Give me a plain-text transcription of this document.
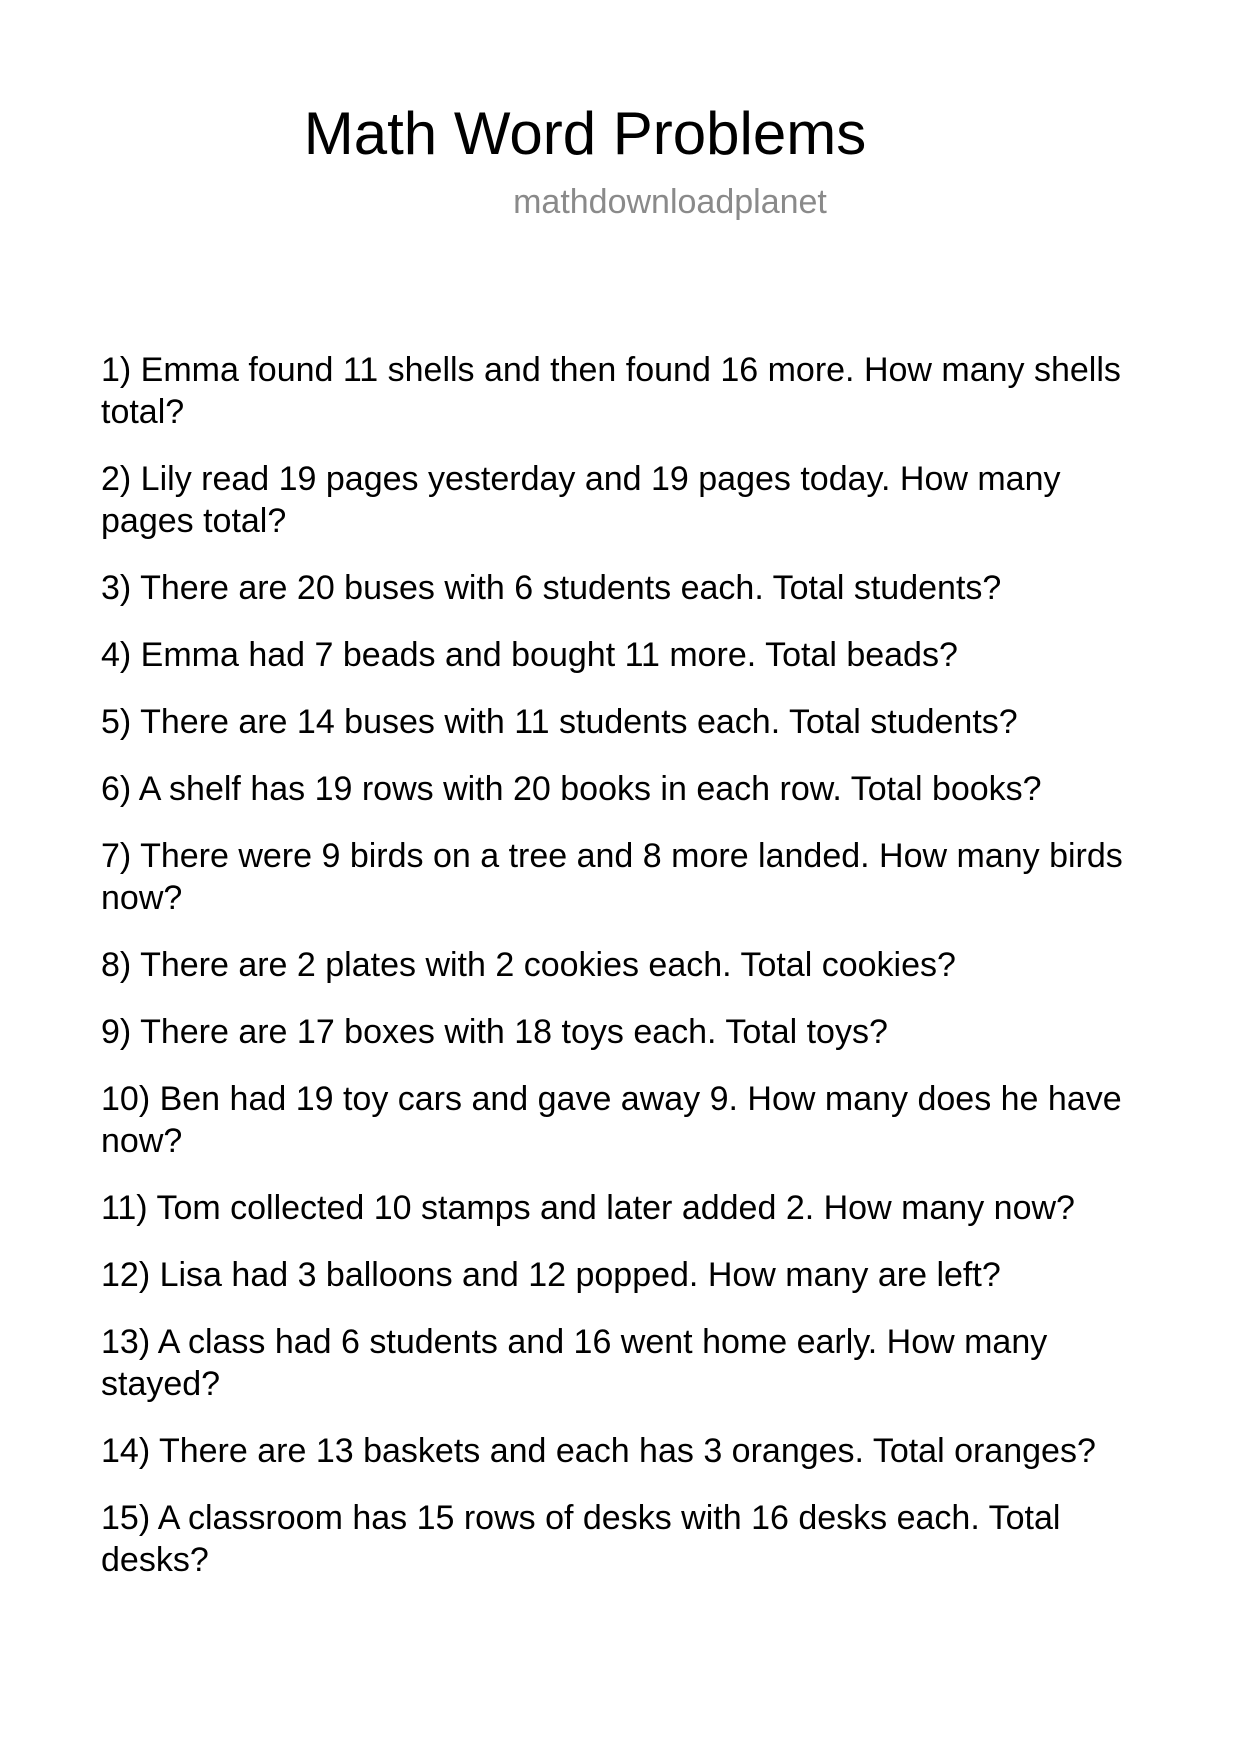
Math Word Problems
mathdownloadplanet
1) Emma found 11 shells and then found 16 more. How many shells total?
2) Lily read 19 pages yesterday and 19 pages today. How many pages total?
3) There are 20 buses with 6 students each. Total students?
4) Emma had 7 beads and bought 11 more. Total beads?
5) There are 14 buses with 11 students each. Total students?
6) A shelf has 19 rows with 20 books in each row. Total books?
7) There were 9 birds on a tree and 8 more landed. How many birds now?
8) There are 2 plates with 2 cookies each. Total cookies?
9) There are 17 boxes with 18 toys each. Total toys?
10) Ben had 19 toy cars and gave away 9. How many does he have now?
11) Tom collected 10 stamps and later added 2. How many now?
12) Lisa had 3 balloons and 12 popped. How many are left?
13) A class had 6 students and 16 went home early. How many stayed?
14) There are 13 baskets and each has 3 oranges. Total oranges?
15) A classroom has 15 rows of desks with 16 desks each. Total desks?
